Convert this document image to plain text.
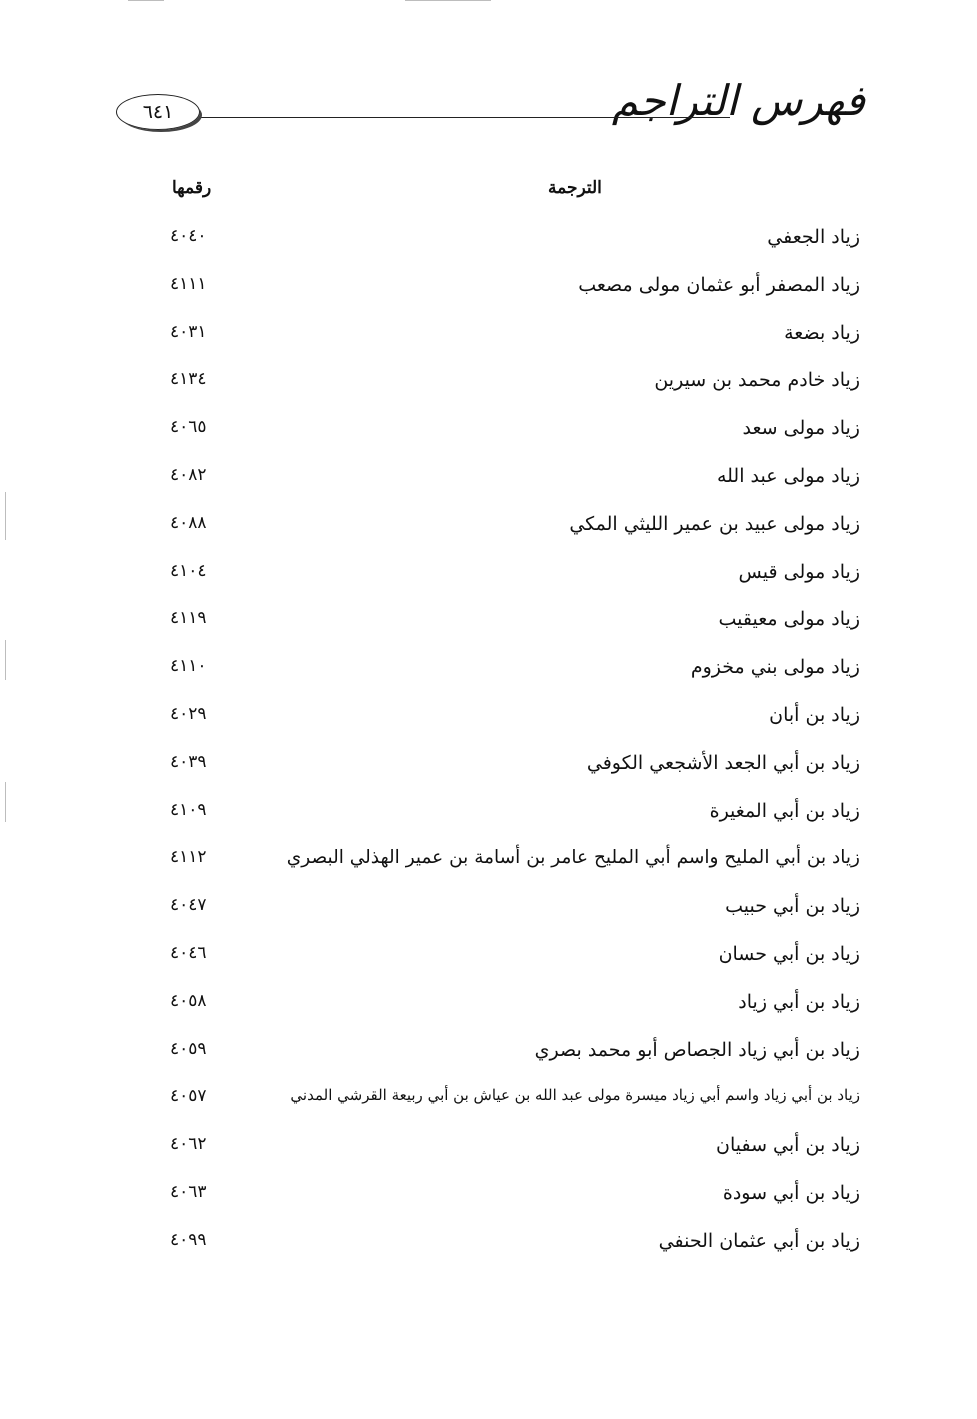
فهرس التراجم
٦٤١
الترجمة
رقمها
زياد الجعفي
٤٠٤٠
زياد المصفر أبو عثمان مولى مصعب
٤١١١
زياد بضعة
٤٠٣١
زياد خادم محمد بن سيرين
٤١٣٤
زياد مولى سعد
٤٠٦٥
زياد مولى عبد الله
٤٠٨٢
زياد مولى عبيد بن عمير الليثي المكي
٤٠٨٨
زياد مولى قيس
٤١٠٤
زياد مولى معيقيب
٤١١٩
زياد مولى بني مخزوم
٤١١٠
زياد بن أبان
٤٠٢٩
زياد بن أبي الجعد الأشجعي الكوفي
٤٠٣٩
زياد بن أبي المغيرة
٤١٠٩
زياد بن أبي المليح واسم أبي المليح عامر بن أسامة بن عمير الهذلي البصري
٤١١٢
زياد بن أبي حبيب
٤٠٤٧
زياد بن أبي حسان
٤٠٤٦
زياد بن أبي زياد
٤٠٥٨
زياد بن أبي زياد الجصاص أبو محمد بصري
٤٠٥٩
زياد بن أبي زياد واسم أبي زياد ميسرة مولى عبد الله بن عياش بن أبي ربيعة القرشي المدني
٤٠٥٧
زياد بن أبي سفيان
٤٠٦٢
زياد بن أبي سودة
٤٠٦٣
زياد بن أبي عثمان الحنفي
٤٠٩٩
